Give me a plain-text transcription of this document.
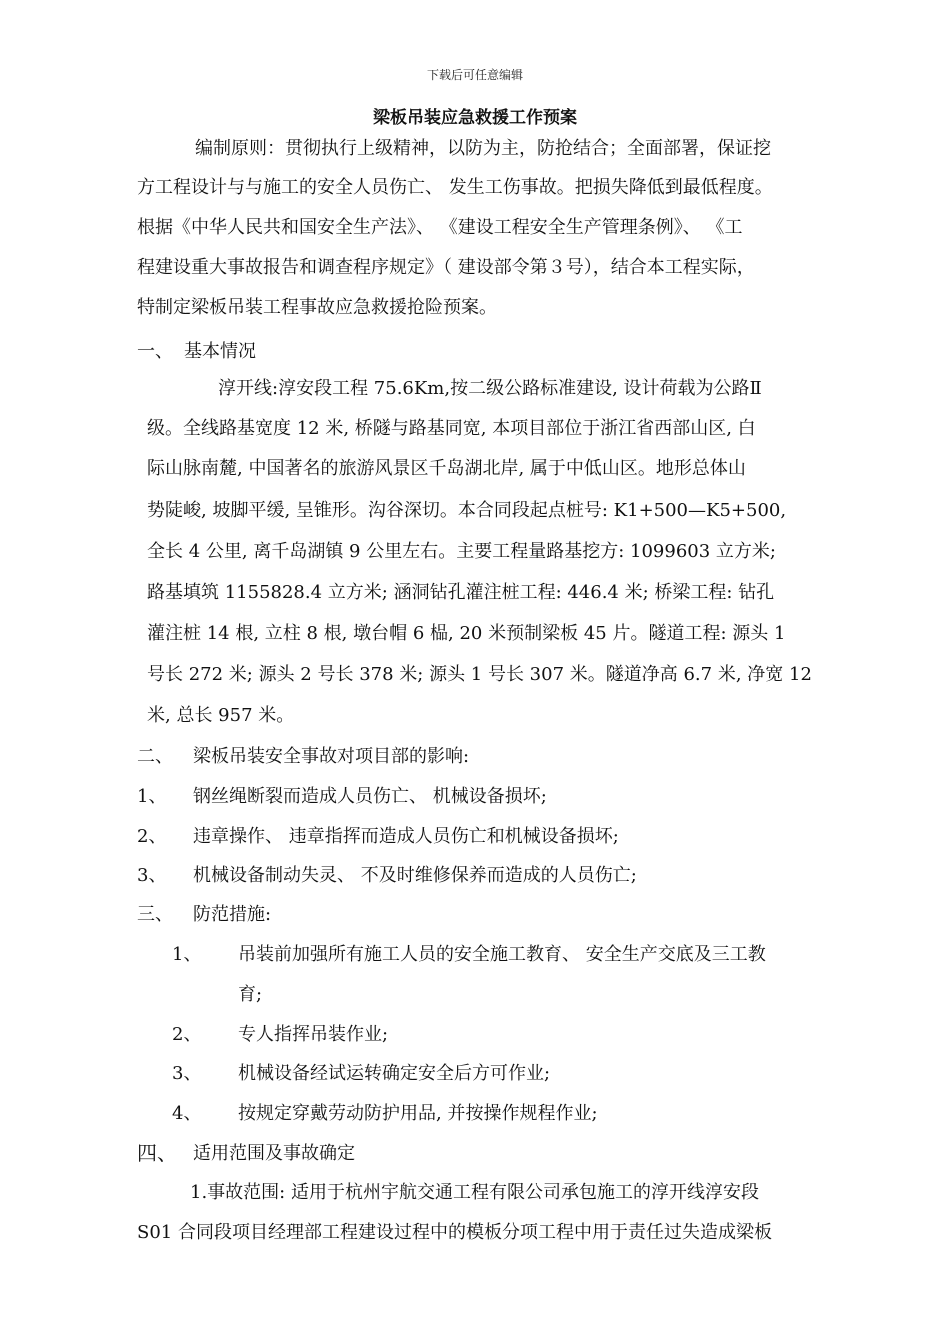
下载后可任意编辑
梁板吊装应急救援工作预案
编制原则：贯彻执行上级精神，以防为主，防抢结合；全面部署，保证挖
方工程设计与与施工的安全人员伤亡、 发生工伤事故。把损失降低到最低程度。
根据《中华人民共和国安全生产法》、 《建设工程安全生产管理条例》、 《工
程建设重大事故报告和调查程序规定》（ 建设部令第３号），结合本工程实际，
特制定梁板吊装工程事故应急救援抢险预案。
一、 基本情况
淳开线:淳安段工程 75.6Km,按二级公路标准建设, 设计荷载为公路Ⅱ
级。全线路基宽度 12 米, 桥隧与路基同宽, 本项目部位于浙江省西部山区, 白
际山脉南麓, 中国著名的旅游风景区千岛湖北岸, 属于中低山区。地形总体山
势陡峻, 坡脚平缓, 呈锥形。沟谷深切。本合同段起点桩号: K1+500—K5+500,
全长 4 公里, 离千岛湖镇 9 公里左右。主要工程量路基挖方: 1099603 立方米;
路基填筑 1155828.4 立方米; 涵洞钻孔灌注桩工程: 446.4 米; 桥梁工程: 钻孔
灌注桩 14 根, 立柱 8 根, 墩台帽 6 榀, 20 米预制梁板 45 片。隧道工程: 源头 1
号长 272 米; 源头 2 号长 378 米; 源头 1 号长 307 米。隧道净高 6.7 米, 净宽 12
米, 总长 957 米。
二、 梁板吊装安全事故对项目部的影响:
1、 钢丝绳断裂而造成人员伤亡、 机械设备损坏;
2、 违章操作、 违章指挥而造成人员伤亡和机械设备损坏;
3、 机械设备制动失灵、 不及时维修保养而造成的人员伤亡;
三、 防范措施:
1、 吊装前加强所有施工人员的安全施工教育、 安全生产交底及三工教
育;
2、 专人指挥吊装作业;
3、 机械设备经试运转确定安全后方可作业;
4、 按规定穿戴劳动防护用品, 并按操作规程作业;
四、 适用范围及事故确定
1.事故范围: 适用于杭州宇航交通工程有限公司承包施工的淳开线淳安段
S01 合同段项目经理部工程建设过程中的模板分项工程中用于责任过失造成梁板
